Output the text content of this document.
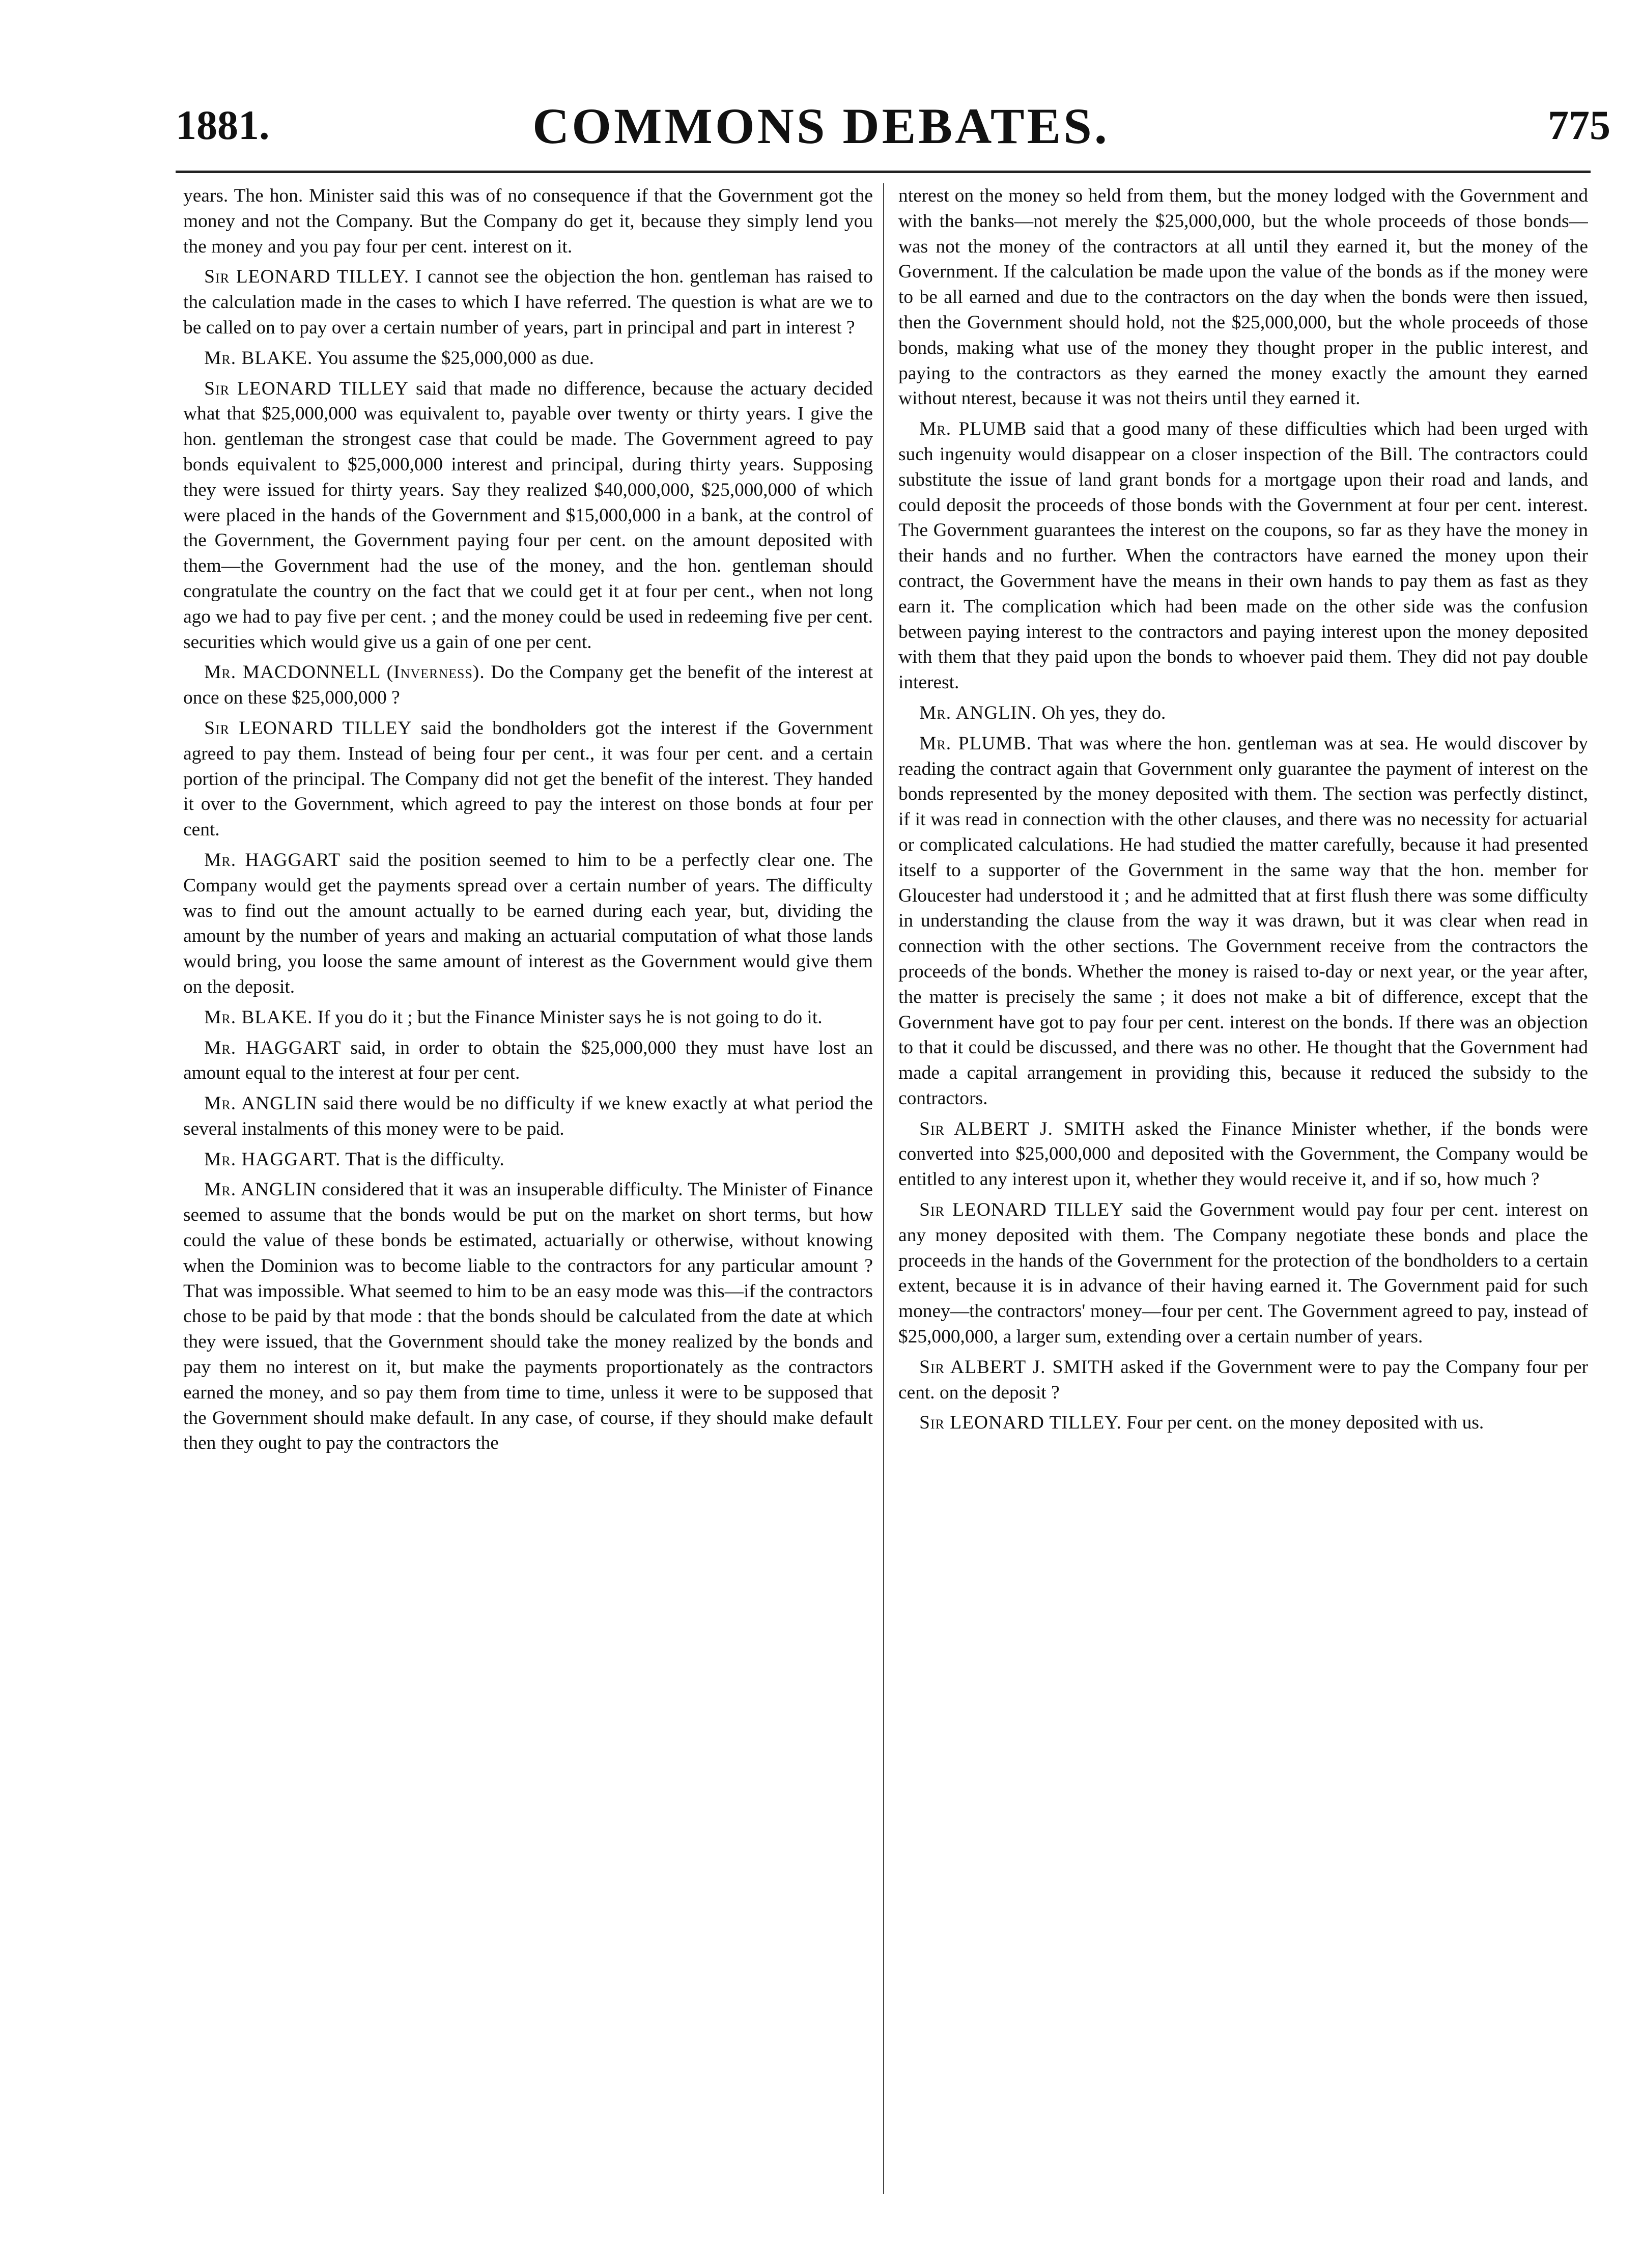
1881.	COMMONS DEBATES.	775

years. The hon. Minister said this was of no consequence if that the Government got the money and not the Company. But the Company do get it, because they simply lend you the money and you pay four per cent. interest on it.

Sir LEONARD TILLEY. I cannot see the objection the hon. gentleman has raised to the calculation made in the cases to which I have referred. The question is what are we to be called on to pay over a certain number of years, part in principal and part in interest ?

Mr. BLAKE. You assume the $25,000,000 as due.

Sir LEONARD TILLEY said that made no difference, because the actuary decided what that $25,000,000 was equivalent to, payable over twenty or thirty years. I give the hon. gentleman the strongest case that could be made. The Government agreed to pay bonds equivalent to $25,000,000 interest and principal, during thirty years. Supposing they were issued for thirty years. Say they realized $40,000,000, $25,000,000 of which were placed in the hands of the Government and $15,000,000 in a bank, at the control of the Government, the Government paying four per cent. on the amount deposited with them—the Government had the use of the money, and the hon. gentleman should congratulate the country on the fact that we could get it at four per cent., when not long ago we had to pay five per cent. ; and the money could be used in redeeming five per cent. securities which would give us a gain of one per cent.

Mr. MACDONNELL (Inverness). Do the Company get the benefit of the interest at once on these $25,000,000 ?

Sir LEONARD TILLEY said the bondholders got the interest if the Government agreed to pay them. Instead of being four per cent., it was four per cent. and a certain portion of the principal. The Company did not get the benefit of the interest. They handed it over to the Government, which agreed to pay the interest on those bonds at four per cent.

Mr. HAGGART said the position seemed to him to be a perfectly clear one. The Company would get the payments spread over a certain number of years. The difficulty was to find out the amount actually to be earned during each year, but, dividing the amount by the number of years and making an actuarial computation of what those lands would bring, you loose the same amount of interest as the Government would give them on the deposit.

Mr. BLAKE. If you do it ; but the Finance Minister says he is not going to do it.

Mr. HAGGART said, in order to obtain the $25,000,000 they must have lost an amount equal to the interest at four per cent.

Mr. ANGLIN said there would be no difficulty if we knew exactly at what period the several instalments of this money were to be paid.

Mr. HAGGART. That is the difficulty.

Mr. ANGLIN considered that it was an insuperable difficulty. The Minister of Finance seemed to assume that the bonds would be put on the market on short terms, but how could the value of these bonds be estimated, actuarially or otherwise, without knowing when the Dominion was to become liable to the contractors for any particular amount ? That was impossible. What seemed to him to be an easy mode was this—if the contractors chose to be paid by that mode : that the bonds should be calculated from the date at which they were issued, that the Government should take the money realized by the bonds and pay them no interest on it, but make the payments proportionately as the contractors earned the money, and so pay them from time to time, unless it were to be supposed that the Government should make default. In any case, of course, if they should make default then they ought to pay the contractors the

nterest on the money so held from them, but the money lodged with the Government and with the banks—not merely the $25,000,000, but the whole proceeds of those bonds—was not the money of the contractors at all until they earned it, but the money of the Government. If the calculation be made upon the value of the bonds as if the money were to be all earned and due to the contractors on the day when the bonds were then issued, then the Government should hold, not the $25,000,000, but the whole proceeds of those bonds, making what use of the money they thought proper in the public interest, and paying to the contractors as they earned the money exactly the amount they earned without nterest, because it was not theirs until they earned it.

Mr. PLUMB said that a good many of these difficulties which had been urged with such ingenuity would disappear on a closer inspection of the Bill. The contractors could substitute the issue of land grant bonds for a mortgage upon their road and lands, and could deposit the proceeds of those bonds with the Government at four per cent. interest. The Government guarantees the interest on the coupons, so far as they have the money in their hands and no further. When the contractors have earned the money upon their contract, the Government have the means in their own hands to pay them as fast as they earn it. The complication which had been made on the other side was the confusion between paying interest to the contractors and paying interest upon the money deposited with them that they paid upon the bonds to whoever paid them. They did not pay double interest.

Mr. ANGLIN. Oh yes, they do.

Mr. PLUMB. That was where the hon. gentleman was at sea. He would discover by reading the contract again that Government only guarantee the payment of interest on the bonds represented by the money deposited with them. The section was perfectly distinct, if it was read in connection with the other clauses, and there was no necessity for actuarial or complicated calculations. He had studied the matter carefully, because it had presented itself to a supporter of the Government in the same way that the hon. member for Gloucester had understood it ; and he admitted that at first flush there was some difficulty in understanding the clause from the way it was drawn, but it was clear when read in connection with the other sections. The Government receive from the contractors the proceeds of the bonds. Whether the money is raised to-day or next year, or the year after, the matter is precisely the same ; it does not make a bit of difference, except that the Government have got to pay four per cent. interest on the bonds. If there was an objection to that it could be discussed, and there was no other. He thought that the Government had made a capital arrangement in providing this, because it reduced the subsidy to the contractors.

Sir ALBERT J. SMITH asked the Finance Minister whether, if the bonds were converted into $25,000,000 and deposited with the Government, the Company would be entitled to any interest upon it, whether they would receive it, and if so, how much ?

Sir LEONARD TILLEY said the Government would pay four per cent. interest on any money deposited with them. The Company negotiate these bonds and place the proceeds in the hands of the Government for the protection of the bondholders to a certain extent, because it is in advance of their having earned it. The Government paid for such money—the contractors' money—four per cent. The Government agreed to pay, instead of $25,000,000, a larger sum, extending over a certain number of years.

Sir ALBERT J. SMITH asked if the Government were to pay the Company four per cent. on the deposit ?

Sir LEONARD TILLEY. Four per cent. on the money deposited with us.
